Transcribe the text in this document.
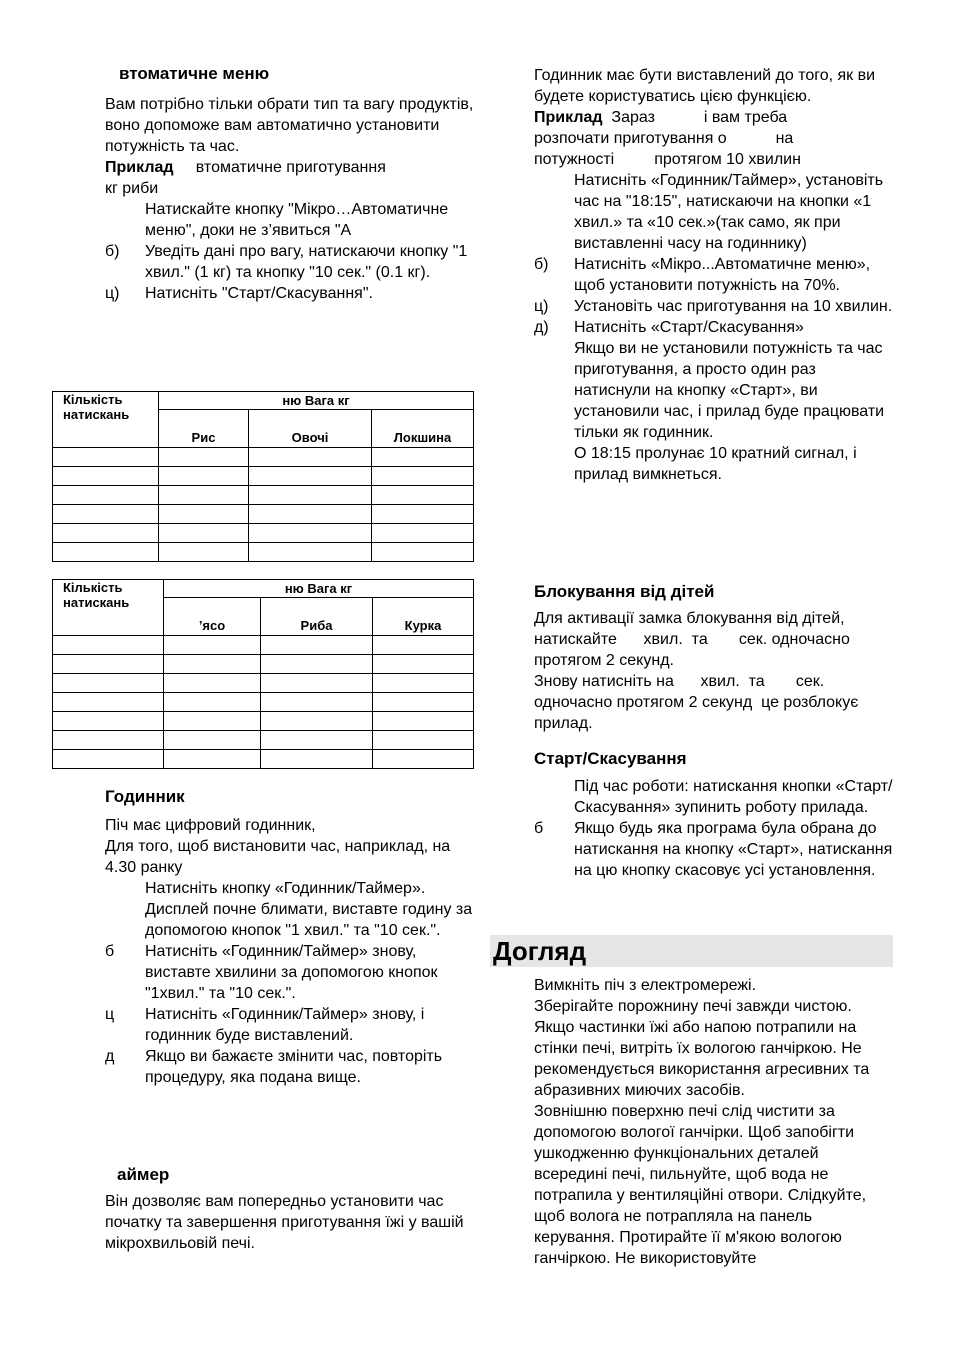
втоматичне меню

Вам потрібно тільки обрати тип та вагу продуктів, воно допоможе вам автоматично установити потужність та час.

Приклад втоматичне приготування
кг риби

Натискайте кнопку "Мікро…Автоматичне меню", доки не з’явиться "А

б) Уведіть дані про вагу, натискаючи кнопку "1 хвил." (1 кг) та кнопку "10 сек." (0.1 кг).

ц) Натисніть "Старт/Скасування".

Годинник

Піч має цифровий годинник,
Для того, щоб виcтановити час, наприклад, на 4.30 ранку

Натисніть кнопку «Годинник/Таймер». Дисплей почне блимати, виставте годину за допомогою кнопок "1 хвил." та "10 сек.".

б Натисніть «Годинник/Таймер» знову, виставте хвилини за допомогою кнопок "1хвил." та "10 сек.".

ц Натисніть «Годинник/Таймер» знову, і годинник буде виставлений.

д Якщо ви бажаєте змінити час, повторіть процедуру, яка подана вище.

аймер

Він дозволяє вам попередньо установити час початку та завершення приготування їжі у вашій мікрохвильовій печі.

Кількість натискань	ню Вага кг		
	Рис	Овочі	Локшина

Кількість натискань	ню Вага кг		
	’ясо	Риба	Курка

Годинник має бути виставлений до того, як ви будете користуватись цією функцією.

Приклад  Зараз           і вам треба
розпочати приготування о           на
потужності         протягом 10 хвилин

Натисніть «Годинник/Таймер», установіть час на "18:15", натискаючи на кнопки «1 хвил.» та «10 сек.»(так само, як при виставленні часу на годиннику)

б) Натисніть «Мікро...Автоматичне меню», щоб установити потужність на 70%.

ц) Установіть час приготування на 10 хвилин.

д) Натисніть «Старт/Скасування»
Якщо ви не установили потужність та час приготування, а просто один раз натиснули на кнопку «Старт», ви установили час, і прилад буде працювати тільки як годинник.
О 18:15 пролунає 10 кратний сигнал, і прилад вимкнеться.

Блокування від дітей

Для активації замка блокування від дітей, натискайте      хвил.  та       сек. одночасно протягом 2 секунд.
Знову натисніть на      хвил.  та       сек. одночасно протягом 2 секунд  це розблокує прилад.

Старт/Скасування

Під час роботи: натискання кнопки «Старт/Скасування» зупинить роботу прилада.

б Якщо будь яка програма була обрана до натискання на кнопку «Старт», натискання на цю кнопку скасовує усі установлення.

Вимкніть піч з електромережі.
Зберігайте порожнину печі завжди чистою. Якщо частинки їжі або напою потрапили на стінки печі, витріть їх вологою ганчіркою. Не рекомендується використання агресивних та абразивних миючих засобів.
Зовнішню поверхню печі слід чистити за допомогою вологої ганчірки. Щоб запобігти ушкодженню функціональних деталей всередині печі, пильнуйте, щоб вода не потрапила у вентиляційні отвори. Слідкуйте, щоб волога не потрапляла на панель керування. Протирайте її м'якою вологою ганчіркою. Не використовуйте

Догляд
